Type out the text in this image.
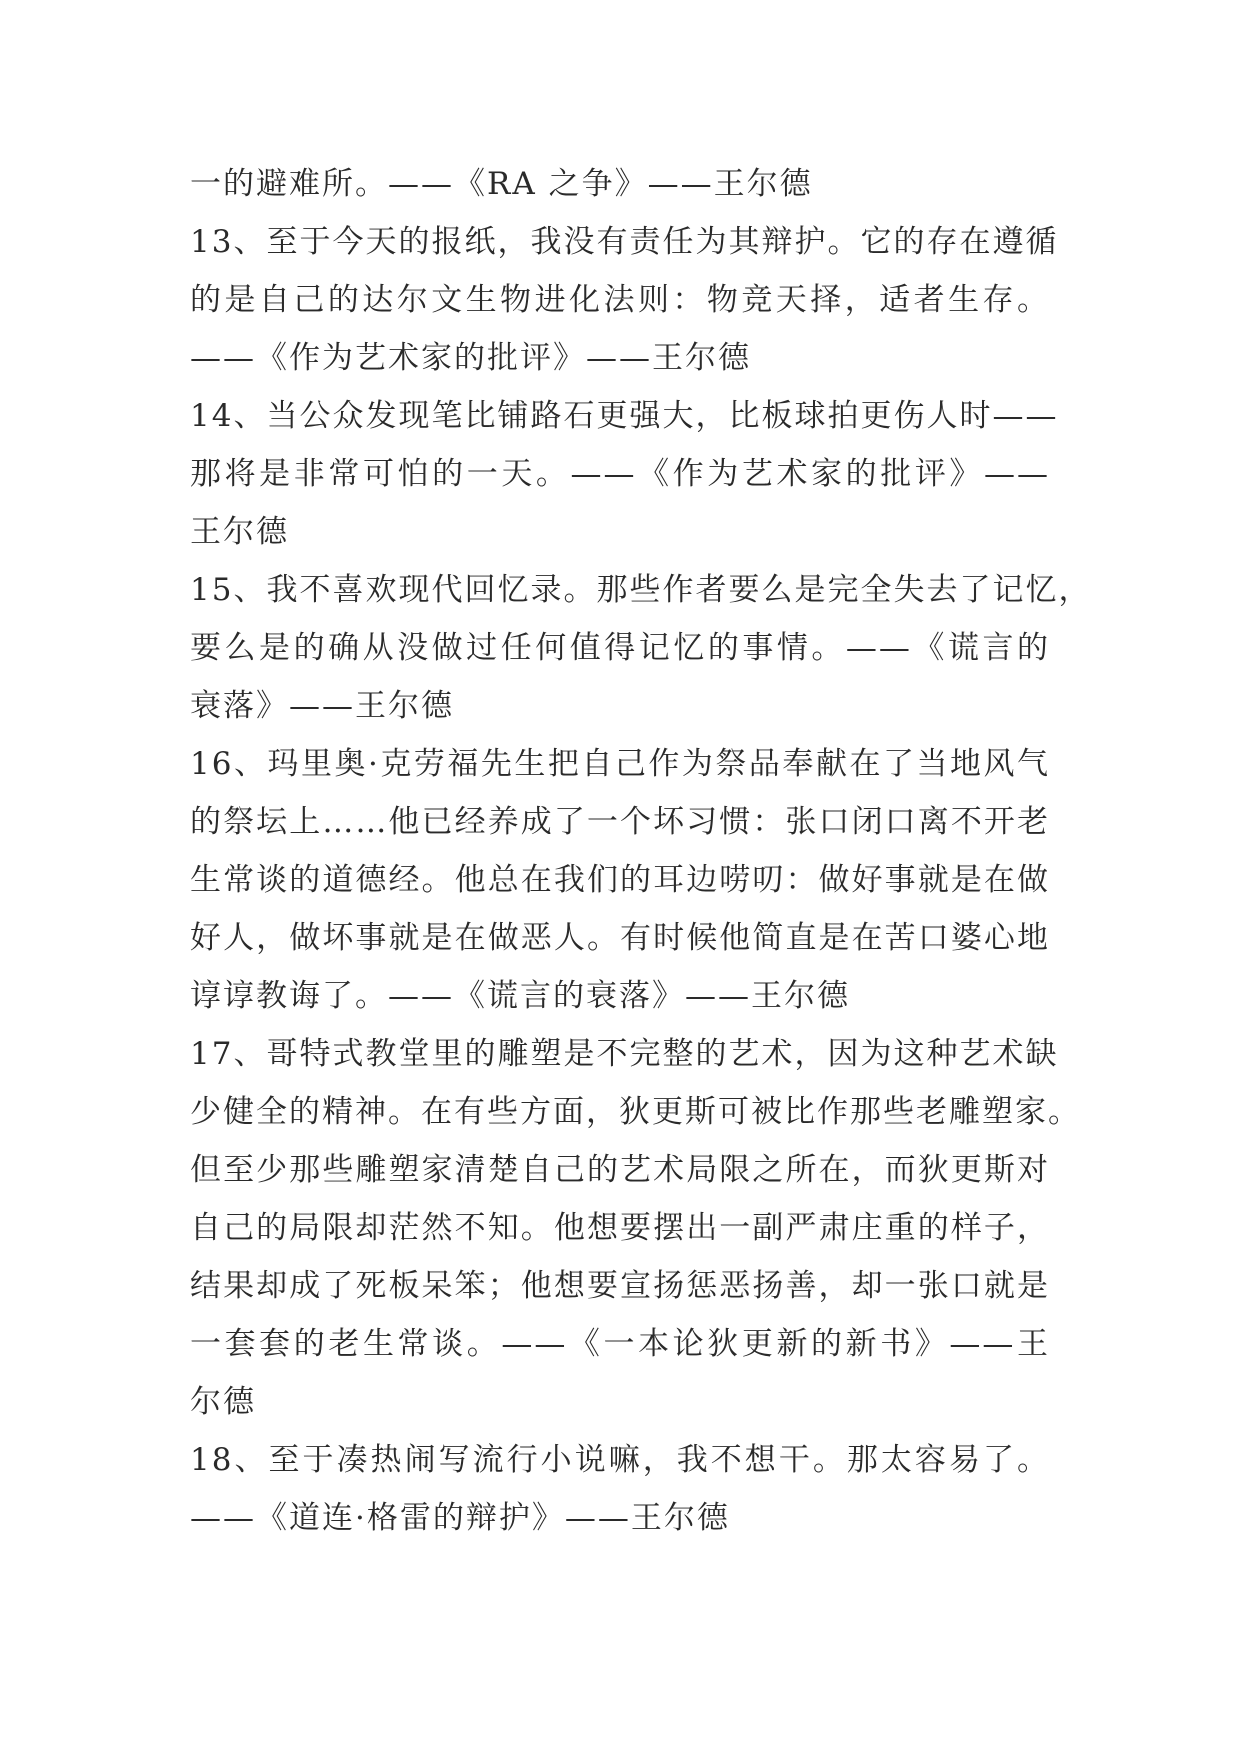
一的避难所。——《RA 之争》——王尔德
13、至于今天的报纸，我没有责任为其辩护。它的存在遵循
的是自己的达尔文生物进化法则：物竞天择，适者生存。
——《作为艺术家的批评》——王尔德
14、当公众发现笔比铺路石更强大，比板球拍更伤人时——
那将是非常可怕的一天。——《作为艺术家的批评》——
王尔德
15、我不喜欢现代回忆录。那些作者要么是完全失去了记忆，
要么是的确从没做过任何值得记忆的事情。——《谎言的
衰落》——王尔德
16、玛里奥·克劳福先生把自己作为祭品奉献在了当地风气
的祭坛上……他已经养成了一个坏习惯：张口闭口离不开老
生常谈的道德经。他总在我们的耳边唠叨：做好事就是在做
好人，做坏事就是在做恶人。有时候他简直是在苦口婆心地
谆谆教诲了。——《谎言的衰落》——王尔德
17、哥特式教堂里的雕塑是不完整的艺术，因为这种艺术缺
少健全的精神。在有些方面，狄更斯可被比作那些老雕塑家。
但至少那些雕塑家清楚自己的艺术局限之所在，而狄更斯对
自己的局限却茫然不知。他想要摆出一副严肃庄重的样子，
结果却成了死板呆笨；他想要宣扬惩恶扬善，却一张口就是
一套套的老生常谈。——《一本论狄更新的新书》——王
尔德
18、至于凑热闹写流行小说嘛，我不想干。那太容易了。
——《道连·格雷的辩护》——王尔德
